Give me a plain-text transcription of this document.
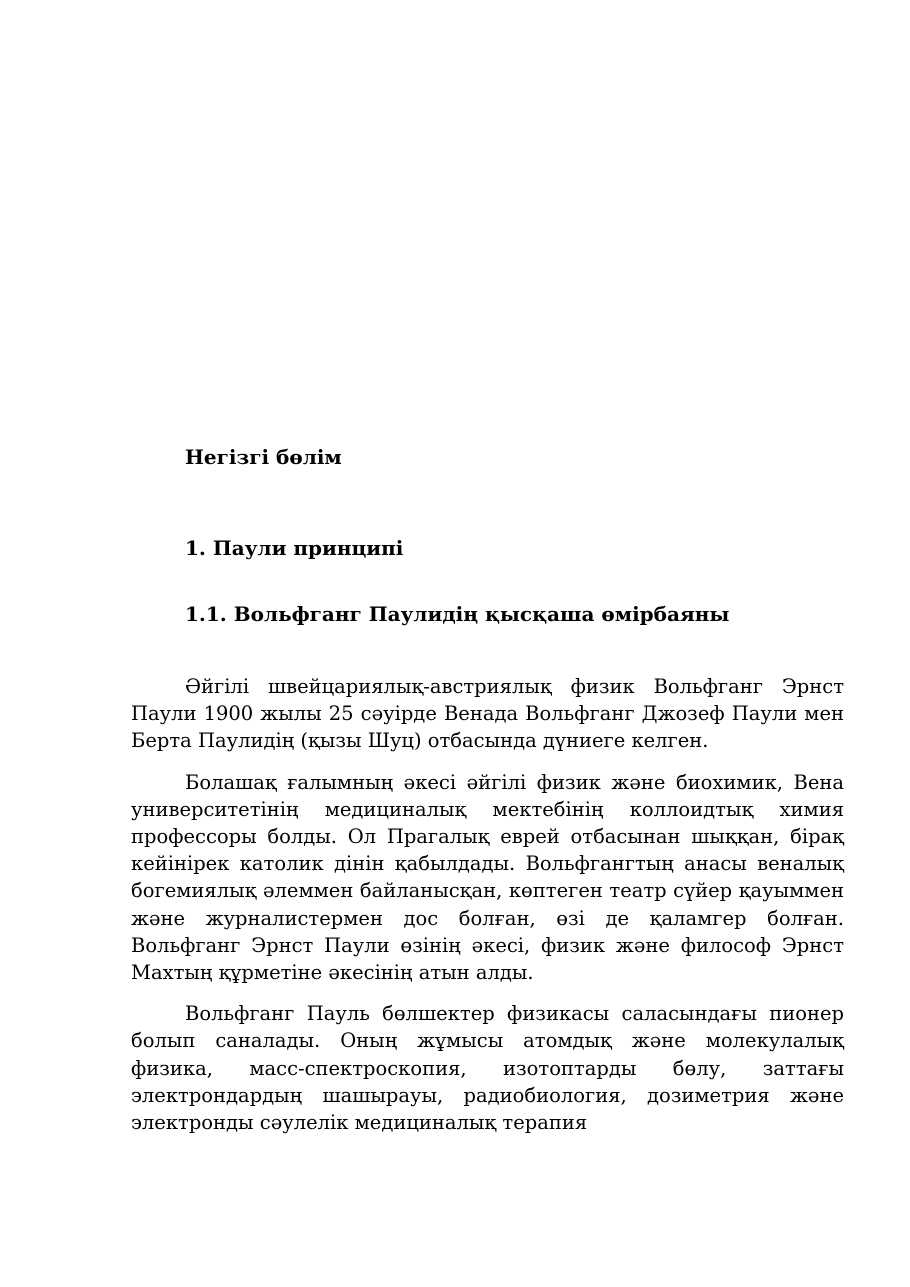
Негізгі бөлім
1. Паули принципі
1.1. Вольфганг Паулидің қысқаша өмірбаяны

Әйгілі швейцариялық-австриялық физик Вольфганг Эрнст Паули 1900 жылы 25 сәуірде Венада Вольфганг Джозеф Паули мен Берта Паулидің (қызы Шуц) отбасында дүниеге келген.

Болашақ ғалымның әкесі әйгілі физик және биохимик, Вена университетінің медициналық мектебінің коллоидтық химия профессоры болды. Ол Прагалық еврей отбасынан шыққан, бірақ кейінірек католик дінін қабылдады. Вольфгангтың анасы веналық богемиялық әлеммен байланысқан, көптеген театр сүйер қауыммен және журналистермен дос болған, өзі де қаламгер болған. Вольфганг Эрнст Паули өзінің әкесі, физик және философ Эрнст Махтың құрметіне әкесінің атын алды.

Вольфганг Пауль бөлшектер физикасы саласындағы пионер болып саналады. Оның жұмысы атомдық және молекулалық физика, масс-спектроскопия, изотоптарды бөлу, заттағы электрондардың шашырауы, радиобиология, дозиметрия және электронды сәулелік медициналық терапия
